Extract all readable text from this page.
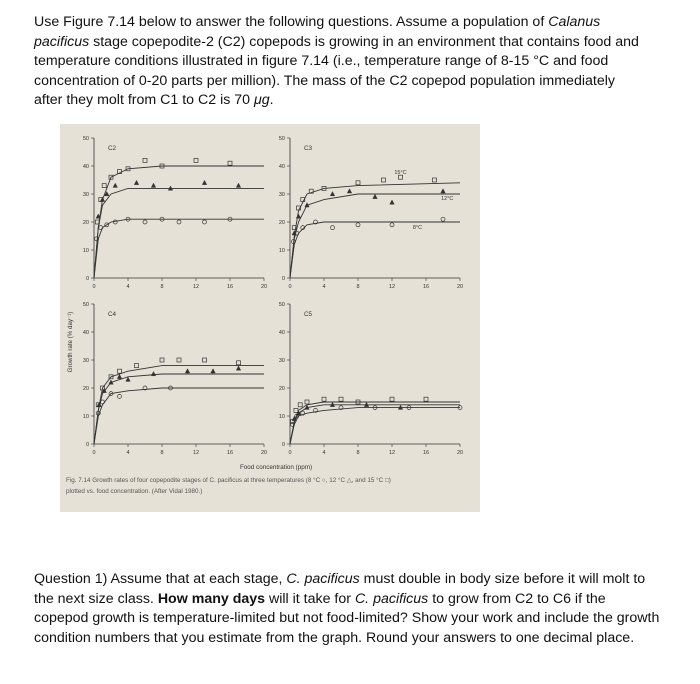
Use Figure 7.14 below to answer the following questions. Assume a population of Calanus pacificus stage copepodite-2 (C2) copepods is growing in an environment that contains food and temperature conditions illustrated in figure 7.14 (i.e., temperature range of 8-15 °C and food concentration of 0-20 parts per million). The mass of the C2 copepod population immediately after they molt from C1 to C2 is 70 μg.
Growth rate (% day⁻¹)
Food concentration (ppm)
Fig. 7.14 Growth rates of four copepodite stages of C. pacificus at three temperatures (8 °C ○, 12 °C △, and 15 °C □)
plotted vs. food concentration. (After Vidal 1980.)
0
10
20
30
40
50
0	4	8	12	16	20
C2
0
10
20
30
40
50
0	4	8	12	16	20
C3
15°C
12°C
8°C
0
10
20
30
40
50
0	4	8	12	16	20
C4
0
10
20
30
40
50
0	4	8	12	16	20
C5
Question 1) Assume that at each stage, C. pacificus must double in body size before it will molt to the next size class. How many days will it take for C. pacificus to grow from C2 to C6 if the copepod growth is temperature-limited but not food-limited? Show your work and include the growth condition numbers that you estimate from the graph. Round your answers to one decimal place.
